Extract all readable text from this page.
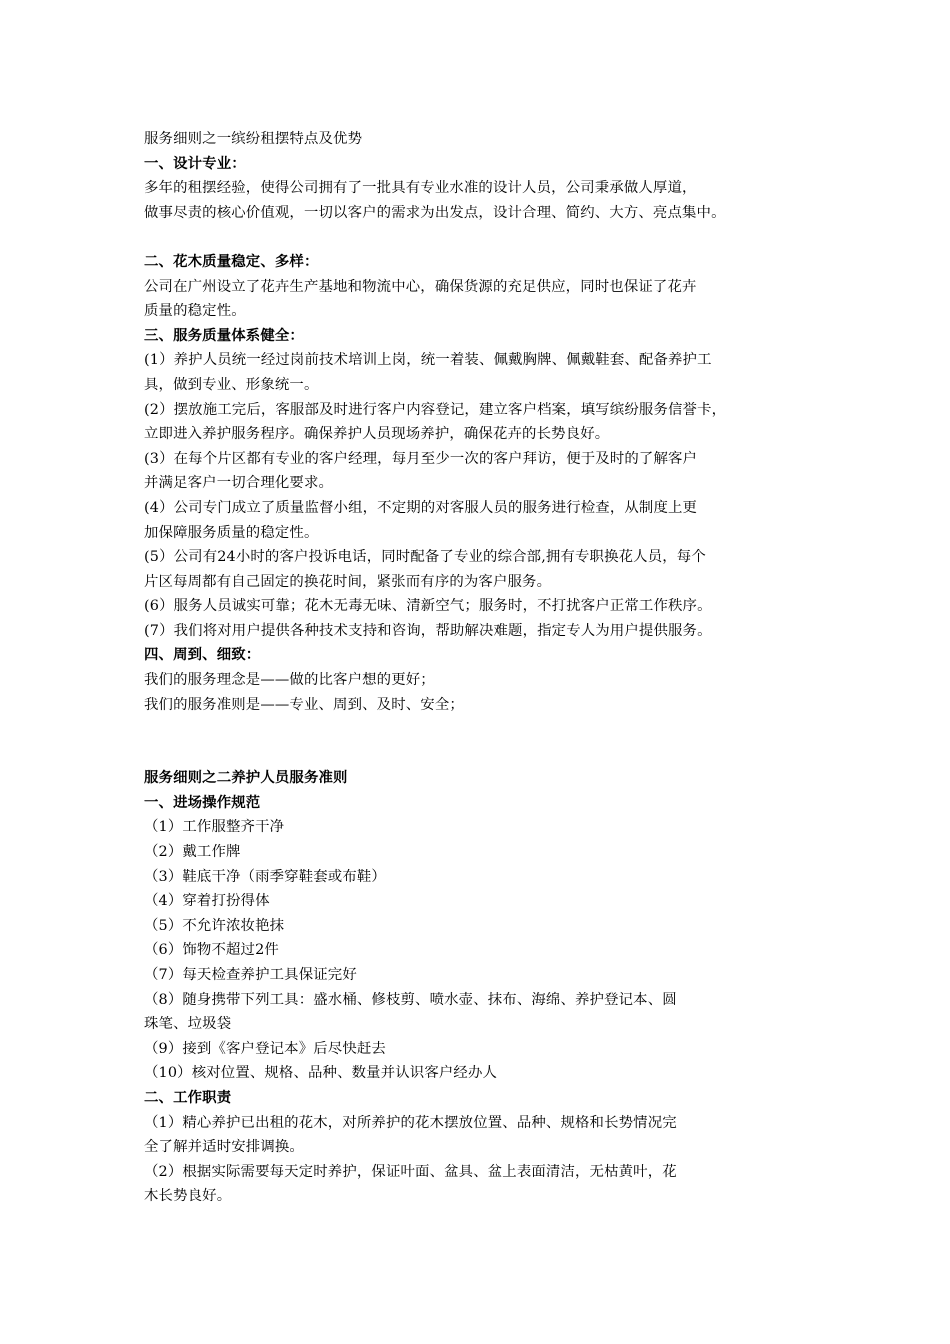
服务细则之一缤纷租摆特点及优势
一、设计专业：
多年的租摆经验，使得公司拥有了一批具有专业水准的设计人员，公司秉承做人厚道，
做事尽责的核心价值观，一切以客户的需求为出发点，设计合理、简约、大方、亮点集中。
二、花木质量稳定、多样：
公司在广州设立了花卉生产基地和物流中心，确保货源的充足供应，同时也保证了花卉
质量的稳定性。
三、服务质量体系健全：
(1）养护人员统一经过岗前技术培训上岗，统一着装、佩戴胸牌、佩戴鞋套、配备养护工
具，做到专业、形象统一。
(2）摆放施工完后，客服部及时进行客户内容登记，建立客户档案，填写缤纷服务信誉卡，
立即进入养护服务程序。确保养护人员现场养护，确保花卉的长势良好。
(3）在每个片区都有专业的客户经理，每月至少一次的客户拜访，便于及时的了解客户
并满足客户一切合理化要求。
(4）公司专门成立了质量监督小组，不定期的对客服人员的服务进行检查，从制度上更
加保障服务质量的稳定性。
(5）公司有24小时的客户投诉电话，同时配备了专业的综合部,拥有专职换花人员，每个
片区每周都有自己固定的换花时间，紧张而有序的为客户服务。
(6）服务人员诚实可靠；花木无毒无味、清新空气；服务时，不打扰客户正常工作秩序。
(7）我们将对用户提供各种技术支持和咨询，帮助解决难题，指定专人为用户提供服务。
四、周到、细致：
我们的服务理念是——做的比客户想的更好；
我们的服务准则是——专业、周到、及时、安全；
服务细则之二养护人员服务准则
一、进场操作规范
（1）工作服整齐干净
（2）戴工作牌
（3）鞋底干净（雨季穿鞋套或布鞋）
（4）穿着打扮得体
（5）不允许浓妆艳抹
（6）饰物不超过2件
（7）每天检查养护工具保证完好
（8）随身携带下列工具：盛水桶、修枝剪、喷水壶、抹布、海绵、养护登记本、圆
珠笔、垃圾袋
（9）接到《客户登记本》后尽快赶去
（10）核对位置、规格、品种、数量并认识客户经办人
二、工作职责
（1）精心养护已出租的花木，对所养护的花木摆放位置、品种、规格和长势情况完
全了解并适时安排调换。
（2）根据实际需要每天定时养护，保证叶面、盆具、盆上表面清洁，无枯黄叶，花
木长势良好。
